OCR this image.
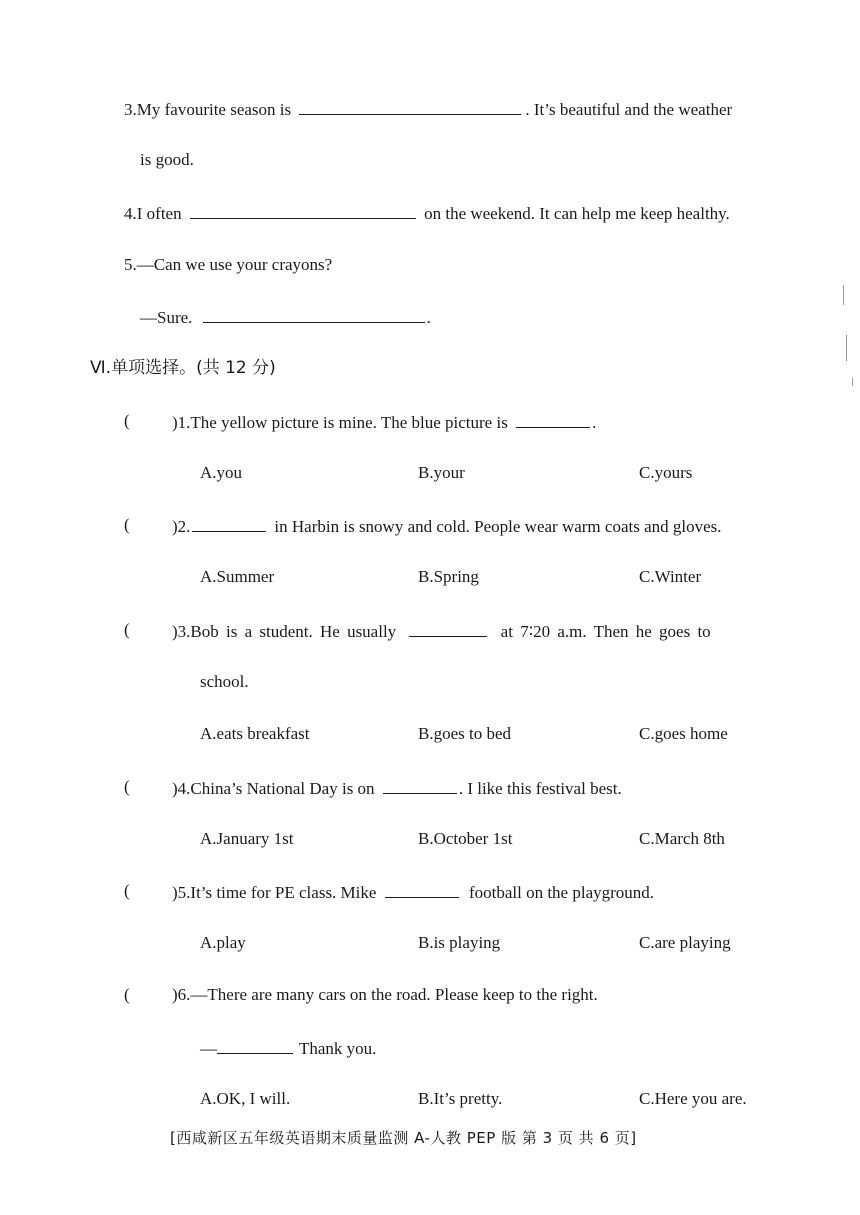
3.My favourite season is	. It’s beautiful and the weather
is good.
4.I often	on the weekend. It can help me keep healthy.
5.—Can we use your crayons?
—Sure.	.
Ⅵ.单项选择。(共 12 分)
( )1.The yellow picture is mine. The blue picture is	.
A.you	B.your	C.yours
( )2.	in Harbin is snowy and cold. People wear warm coats and gloves.
A.Summer	B.Spring	C.Winter
( )3.Bob is a student. He usually	at 7∶20 a.m. Then he goes to
school.
A.eats breakfast	B.goes to bed	C.goes home
( )4.China’s National Day is on	. I like this festival best.
A.January 1st	B.October 1st	C.March 8th
( )5.It’s time for PE class. Mike	football on the playground.
A.play	B.is playing	C.are playing
( )6.—There are many cars on the road. Please keep to the right.
—	Thank you.
A.OK, I will.	B.It’s pretty.	C.Here you are.
[西咸新区五年级英语期末质量监测 A-人教 PEP 版 第 3 页 共 6 页]
